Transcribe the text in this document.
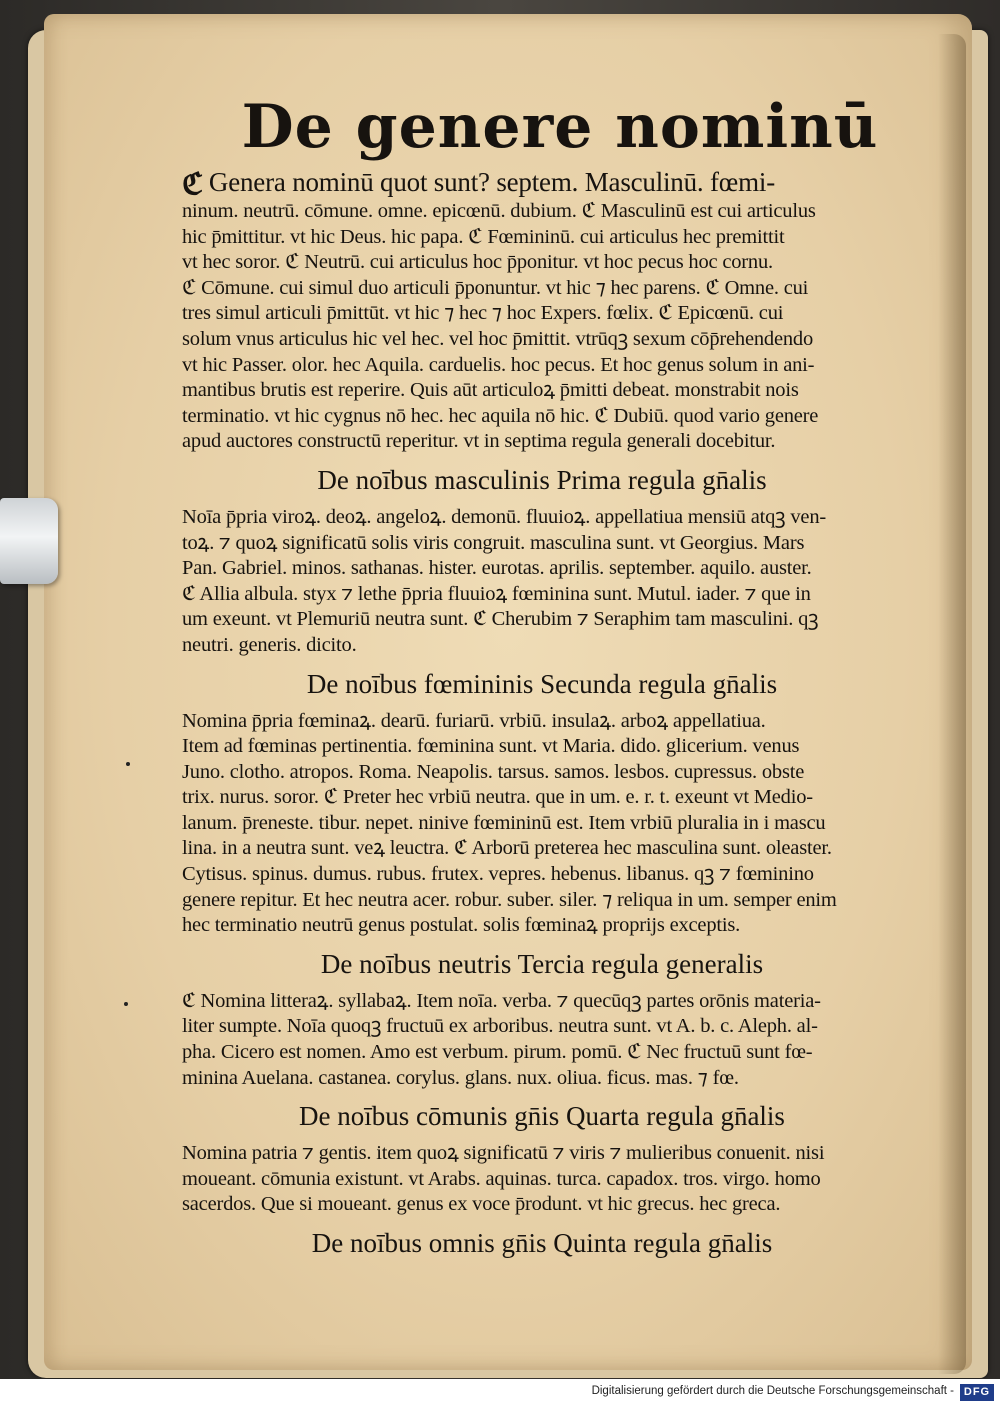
De genere nominū
ℭ Genera nominū quot sunt? septem. Masculinū. fœmi-
ninum. neutrū. cōmune. omne. epicœnū. dubium. ℭ Masculinū est cui articulus
hic p̄mittitur. vt hic Deus. hic papa. ℭ Fœmininū. cui articulus hec premittit
vt hec soror. ℭ Neutrū. cui articulus hoc p̄ponitur. vt hoc pecus hoc cornu.
ℭ Cōmune. cui simul duo articuli p̄ponuntur. vt hic ⁊ hec parens. ℭ Omne. cui
tres simul articuli p̄mittūt. vt hic ⁊ hec ⁊ hoc Expers. fœlix. ℭ Epicœnū. cui
solum vnus articulus hic vel hec. vel hoc p̄mittit. vtrūqꝫ sexum cōp̄rehendendo
vt hic Passer. olor. hec Aquila. carduelis. hoc pecus. Et hoc genus solum in ani-
mantibus brutis est reperire. Quis aūt articuloꝝ p̄mitti debeat. monstrabit nois
terminatio. vt hic cygnus nō hec. hec aquila nō hic. ℭ Dubiū. quod vario genere
apud auctores constructū reperitur. vt in septima regula generali docebitur.
De noībus masculinis Prima regula gn̄alis
Noīa p̄pria viroꝝ. deoꝝ. angeloꝝ. demonū. fluuioꝝ. appellatiua mensiū atqꝫ ven-
toꝝ. ⁊ quoꝝ significatū solis viris congruit. masculina sunt. vt Georgius. Mars
Pan. Gabriel. minos. sathanas. hister. eurotas. aprilis. september. aquilo. auster.
ℭ Allia albula. styx ⁊ lethe p̄pria fluuioꝝ fœminina sunt. Mutul. iader. ⁊ que in
um exeunt. vt Plemuriū neutra sunt. ℭ Cherubim ⁊ Seraphim tam masculini. qꝫ
neutri. generis. dicito.
De noībus fœmininis Secunda regula gn̄alis
Nomina p̄pria fœminaꝝ. dearū. furiarū. vrbiū. insulaꝝ. arboꝝ appellatiua.
Item ad fœminas pertinentia. fœminina sunt. vt Maria. dido. glicerium. venus
Juno. clotho. atropos. Roma. Neapolis. tarsus. samos. lesbos. cupressus. obste
trix. nurus. soror. ℭ Preter hec vrbiū neutra. que in um. e. r. t. exeunt vt Medio-
lanum. p̄reneste. tibur. nepet. ninive fœmininū est. Item vrbiū pluralia in i mascu
lina. in a neutra sunt. veꝝ leuctra. ℭ Arborū preterea hec masculina sunt. oleaster.
Cytisus. spinus. dumus. rubus. frutex. vepres. hebenus. libanus. qꝫ ⁊ fœminino
genere repitur. Et hec neutra acer. robur. suber. siler. ⁊ reliqua in um. semper enim
hec terminatio neutrū genus postulat. solis fœminaꝝ proprijs exceptis.
De noībus neutris Tercia regula generalis
ℭ Nomina litteraꝝ. syllabaꝝ. Item noīa. verba. ⁊ quecūqꝫ partes orōnis materia-
liter sumpte. Noīa quoqꝫ fructuū ex arboribus. neutra sunt. vt A. b. c. Aleph. al-
pha. Cicero est nomen. Amo est verbum. pirum. pomū. ℭ Nec fructuū sunt fœ-
minina Auelana. castanea. corylus. glans. nux. oliua. ficus. mas. ⁊ fœ.
De noībus cōmunis gn̄is Quarta regula gn̄alis
Nomina patria ⁊ gentis. item quoꝝ significatū ⁊ viris ⁊ mulieribus conuenit. nisi
moueant. cōmunia existunt. vt Arabs. aquinas. turca. capadox. tros. virgo. homo
sacerdos. Que si moueant. genus ex voce p̄rodunt. vt hic grecus. hec greca.
De noībus omnis gn̄is Quinta regula gn̄alis
Digitalisierung gefördert durch die Deutsche Forschungsgemeinschaft - DFG
